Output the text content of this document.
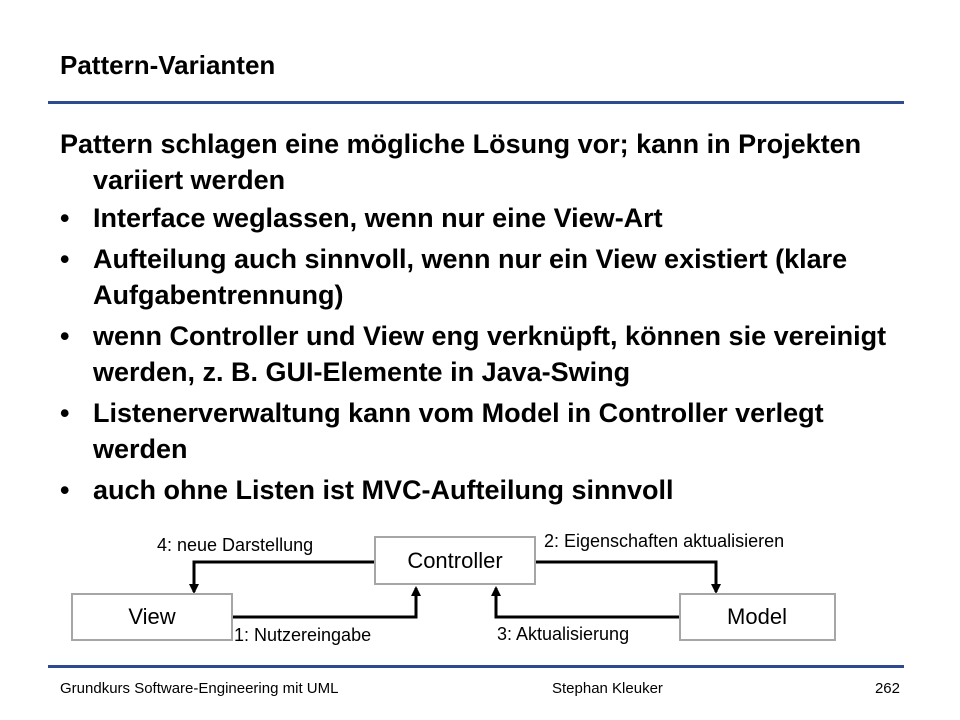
Pattern-Varianten

Pattern schlagen eine mögliche Lösung vor; kann in Projekten variiert werden

• Interface weglassen, wenn nur eine View-Art
• Aufteilung auch sinnvoll, wenn nur ein View existiert (klare Aufgabentrennung)
• wenn Controller und View eng verknüpft, können sie vereinigt werden, z. B. GUI-Elemente in Java-Swing
• Listenerverwaltung kann vom Model in Controller verlegt werden
• auch ohne Listen ist MVC-Aufteilung sinnvoll
Controller
View	Model
4: neue Darstellung	2: Eigenschaften aktualisieren
1: Nutzereingabe	3: Aktualisierung
Grundkurs Software-Engineering mit UML	Stephan Kleuker	262
